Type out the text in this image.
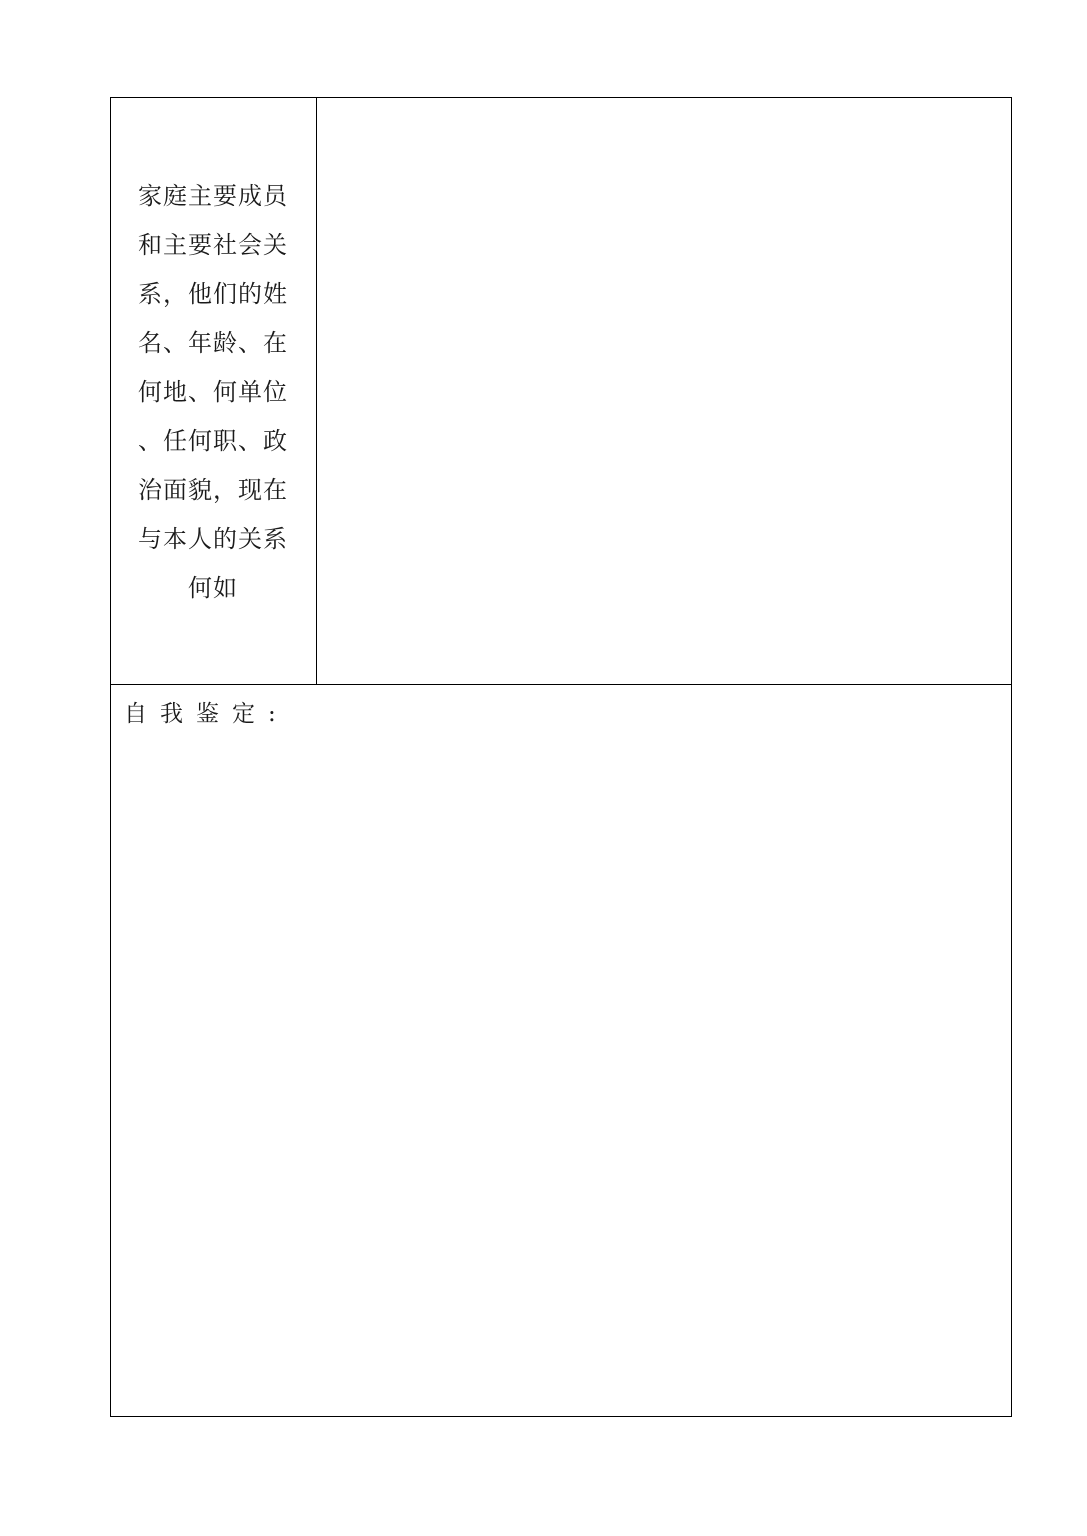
家庭主要成员
和主要社会关
系，他们的姓
名、年龄、在
何地、何单位
、任何职、政
治面貌，现在
与本人的关系
何如
自我鉴定:
